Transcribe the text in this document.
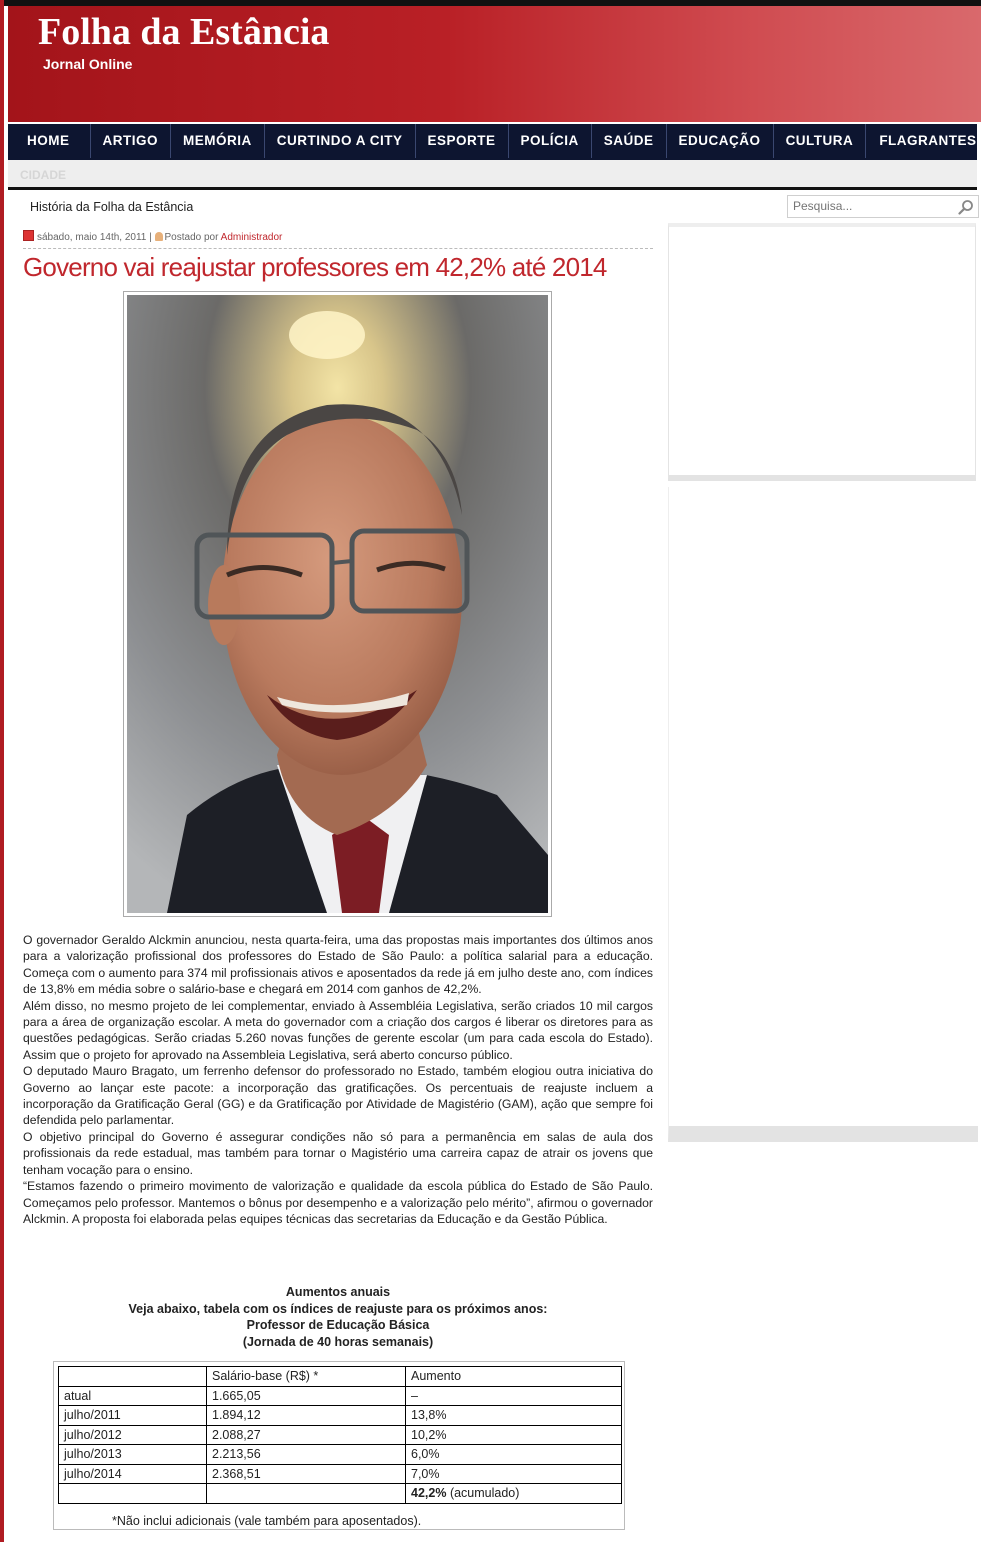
Folha da Estância
Jornal Online
HOME	ARTIGO	MEMÓRIA	CURTINDO A CITY	ESPORTE	POLÍCIA	SAÚDE	EDUCAÇÃO	CULTURA	FLAGRANTES
CIDADE
História da Folha da Estância
Pesquisa...
sábado, maio 14th, 2011 | Postado por Administrador
Governo vai reajustar professores em 42,2% até 2014

O governador Geraldo Alckmin anunciou, nesta quarta-feira, uma das propostas mais importantes dos últimos anos para a valorização profissional dos professores do Estado de São Paulo: a política salarial para a educação. Começa com o aumento para 374 mil profissionais ativos e aposentados da rede já em julho deste ano, com índices de 13,8% em média sobre o salário-base e chegará em 2014 com ganhos de 42,2%.

Além disso, no mesmo projeto de lei complementar, enviado à Assembléia Legislativa, serão criados 10 mil cargos para a área de organização escolar. A meta do governador com a criação dos cargos é liberar os diretores para as questões pedagógicas. Serão criadas 5.260 novas funções de gerente escolar (um para cada escola do Estado). Assim que o projeto for aprovado na Assembleia Legislativa, será aberto concurso público.

O deputado Mauro Bragato, um ferrenho defensor do professorado no Estado, também elogiou outra iniciativa do Governo ao lançar este pacote: a incorporação das gratificações. Os percentuais de reajuste incluem a incorporação da Gratificação Geral (GG) e da Gratificação por Atividade de Magistério (GAM), ação que sempre foi defendida pelo parlamentar.

O objetivo principal do Governo é assegurar condições não só para a permanência em salas de aula dos profissionais da rede estadual, mas também para tornar o Magistério uma carreira capaz de atrair os jovens que tenham vocação para o ensino.

“Estamos fazendo o primeiro movimento de valorização e qualidade da escola pública do Estado de São Paulo. Começamos pelo professor. Mantemos o bônus por desempenho e a valorização pelo mérito”, afirmou o governador Alckmin. A proposta foi elaborada pelas equipes técnicas das secretarias da Educação e da Gestão Pública.

Aumentos anuais
Veja abaixo, tabela com os índices de reajuste para os próximos anos:
Professor de Educação Básica
(Jornada de 40 horas semanais)
	Salário-base (R$) *	Aumento
atual	1.665,05	–
julho/2011	1.894,12	13,8%
julho/2012	2.088,27	10,2%
julho/2013	2.213,56	6,0%
julho/2014	2.368,51	7,0%
		42,2% (acumulado)
*Não inclui adicionais (vale também para aposentados).
